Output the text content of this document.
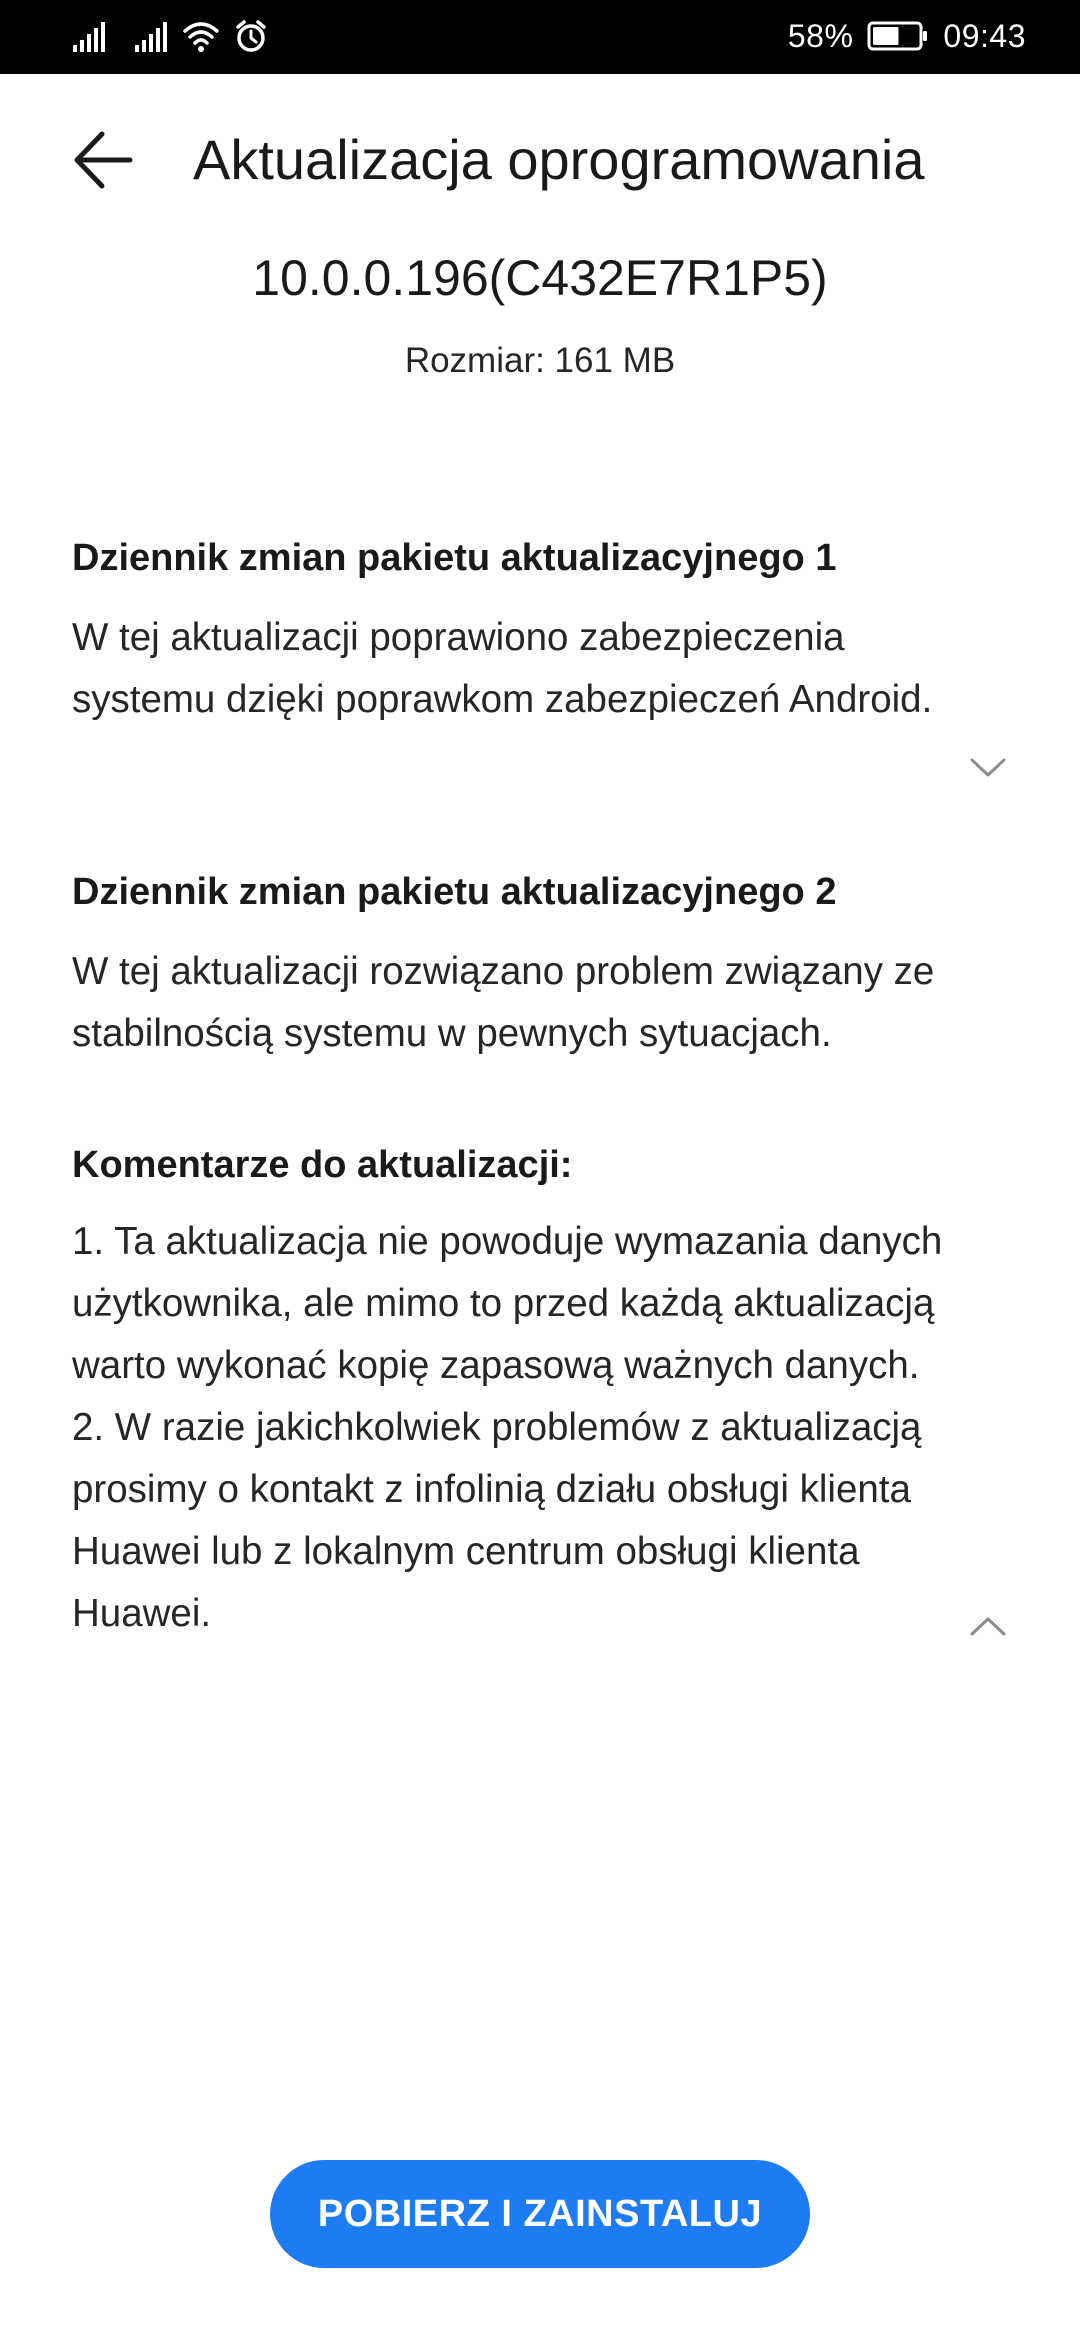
58%	09:43
Aktualizacja oprogramowania
10.0.0.196(C432E7R1P5)
Rozmiar: 161 MB
Dziennik zmian pakietu aktualizacyjnego 1
W tej aktualizacji poprawiono zabezpieczenia
systemu dzięki poprawkom zabezpieczeń Android.
Dziennik zmian pakietu aktualizacyjnego 2
W tej aktualizacji rozwiązano problem związany ze
stabilnością systemu w pewnych sytuacjach.
Komentarze do aktualizacji:
1. Ta aktualizacja nie powoduje wymazania danych
użytkownika, ale mimo to przed każdą aktualizacją
warto wykonać kopię zapasową ważnych danych.
2. W razie jakichkolwiek problemów z aktualizacją
prosimy o kontakt z infolinią działu obsługi klienta
Huawei lub z lokalnym centrum obsługi klienta
Huawei.
POBIERZ I ZAINSTALUJ
